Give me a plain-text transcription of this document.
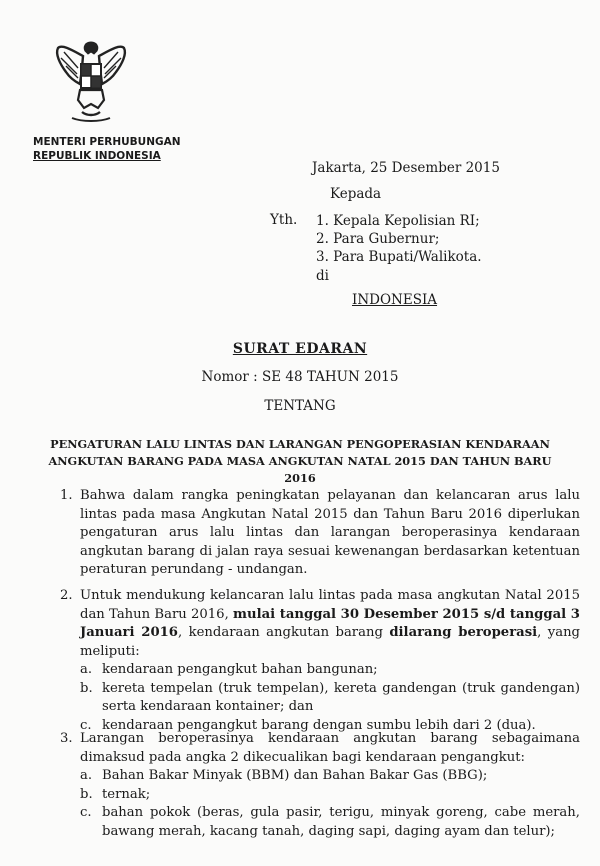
MENTERI PERHUBUNGAN
REPUBLIK INDONESIA
Jakarta, 25 Desember 2015
Kepada
Yth. 1. Kepala Kepolisian RI;
2. Para Gubernur;
3. Para Bupati/Walikota.
di
INDONESIA
SURAT EDARAN
Nomor : SE 48 TAHUN 2015
TENTANG
PENGATURAN LALU LINTAS DAN LARANGAN PENGOPERASIAN KENDARAAN
ANGKUTAN BARANG PADA MASA ANGKUTAN NATAL 2015 DAN TAHUN BARU 2016
1. Bahwa dalam rangka peningkatan pelayanan dan kelancaran arus lalu lintas pada masa Angkutan Natal 2015 dan Tahun Baru 2016 diperlukan pengaturan arus lalu lintas dan larangan beroperasinya kendaraan angkutan barang di jalan raya sesuai kewenangan berdasarkan ketentuan peraturan perundang - undangan.
2. Untuk mendukung kelancaran lalu lintas pada masa angkutan Natal 2015 dan Tahun Baru 2016, mulai tanggal 30 Desember 2015 s/d tanggal 3 Januari 2016, kendaraan angkutan barang dilarang beroperasi, yang meliputi:
a. kendaraan pengangkut bahan bangunan;
b. kereta tempelan (truk tempelan), kereta gandengan (truk gandengan) serta kendaraan kontainer; dan
c. kendaraan pengangkut barang dengan sumbu lebih dari 2 (dua).
3. Larangan beroperasinya kendaraan angkutan barang sebagaimana dimaksud pada angka 2 dikecualikan bagi kendaraan pengangkut:
a. Bahan Bakar Minyak (BBM) dan Bahan Bakar Gas (BBG);
b. ternak;
c. bahan pokok (beras, gula pasir, terigu, minyak goreng, cabe merah, bawang merah, kacang tanah, daging sapi, daging ayam dan telur);
